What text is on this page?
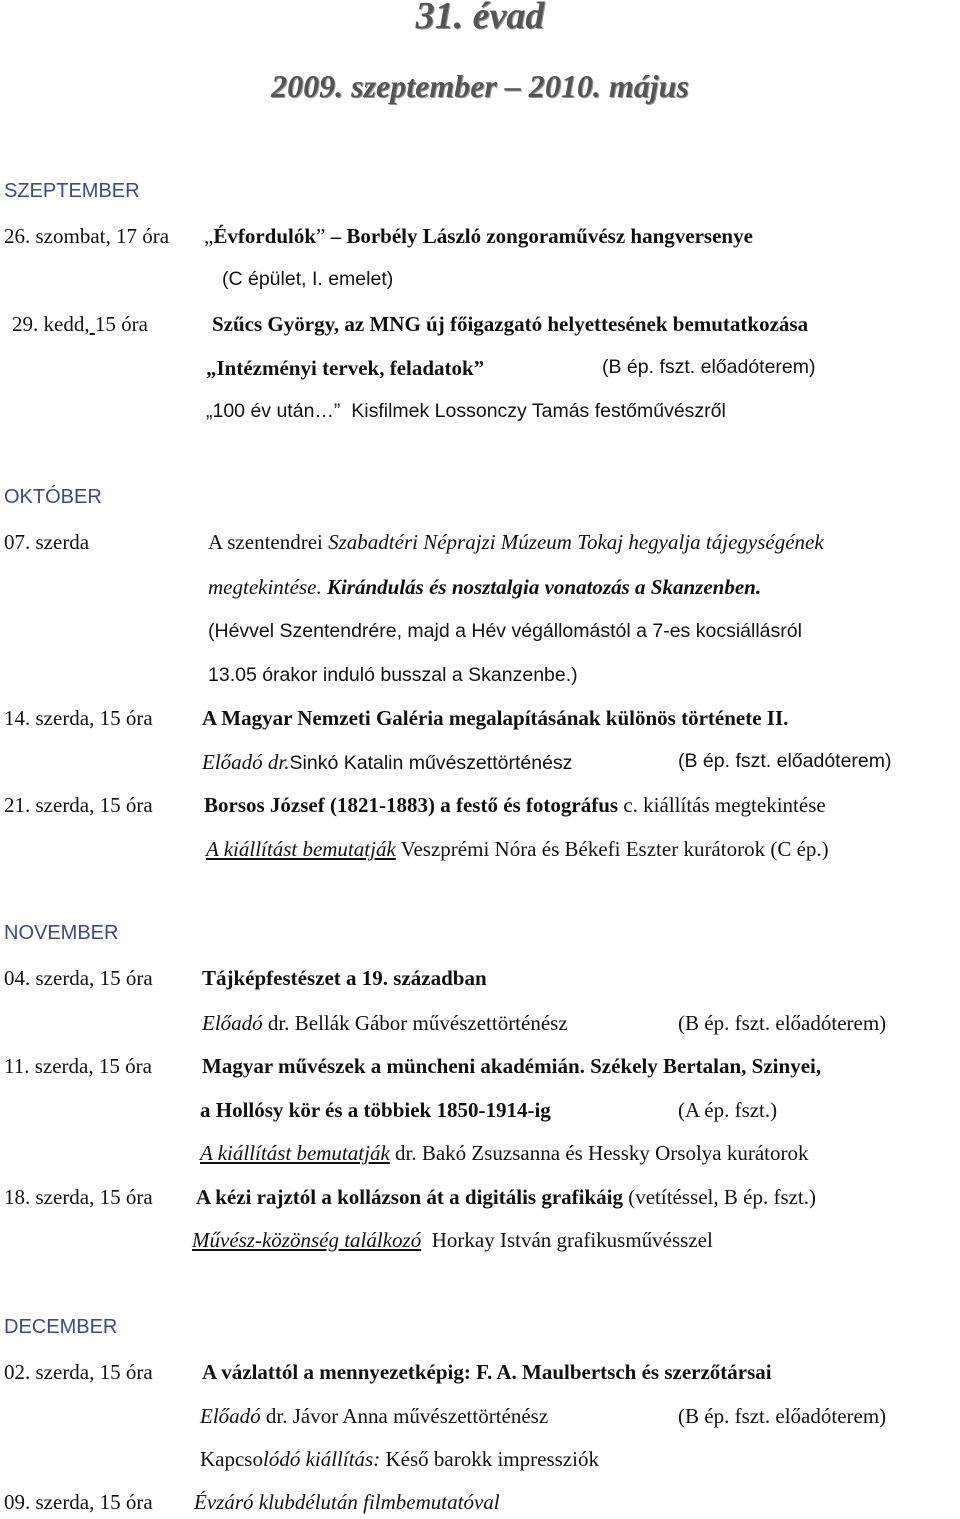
31. évad
2009. szeptember – 2010. május
SZEPTEMBER
26. szombat, 17 óra „Évfordulók” – Borbély László zongoraművész hangversenye
(C épület, I. emelet)
29. kedd, 15 óra	Szűcs György, az MNG új főigazgató helyettesének bemutatkozása
„Intézményi tervek, feladatok”	(B ép. fszt. előadóterem)
„100 év után…” Kisfilmek Lossonczy Tamás festőművészről
OKTÓBER
07. szerda	A szentendrei Szabadtéri Néprajzi Múzeum Tokaj hegyalja tájegységének
megtekintése. Kirándulás és nosztalgia vonatozás a Skanzenben.
(Hévvel Szentendrére, majd a Hév végállomástól a 7-es kocsiállásról
13.05 órakor induló busszal a Skanzenbe.)
14. szerda, 15 óra A Magyar Nemzeti Galéria megalapításának különös története II.
Előadó dr.Sinkó Katalin művészettörténész	(B ép. fszt. előadóterem)
21. szerda, 15 óra Borsos József (1821-1883) a festő és fotográfus c. kiállítás megtekintése
A kiállítást bemutatják Veszprémi Nóra és Békefi Eszter kurátorok (C ép.)
NOVEMBER
04. szerda, 15 óra Tájképfestészet a 19. században
Előadó dr. Bellák Gábor művészettörténész	(B ép. fszt. előadóterem)
11. szerda, 15 óra Magyar művészek a müncheni akadémián. Székely Bertalan, Szinyei,
a Hollósy kör és a többiek 1850-1914-ig	(A ép. fszt.)
A kiállítást bemutatják dr. Bakó Zsuzsanna és Hessky Orsolya kurátorok
18. szerda, 15 óra A kézi rajztól a kollázson át a digitális grafikáig (vetítéssel, B ép. fszt.)
Művész-közönség találkozó Horkay István grafikusművésszel
DECEMBER
02. szerda, 15 óra A vázlattól a mennyezetképig: F. A. Maulbertsch és szerzőtársai
Előadó dr. Jávor Anna művészettörténész	(B ép. fszt. előadóterem)
Kapcsolódó kiállítás: Késő barokk impressziók
09. szerda, 15 óra Évzáró klubdélután filmbemutatóval
